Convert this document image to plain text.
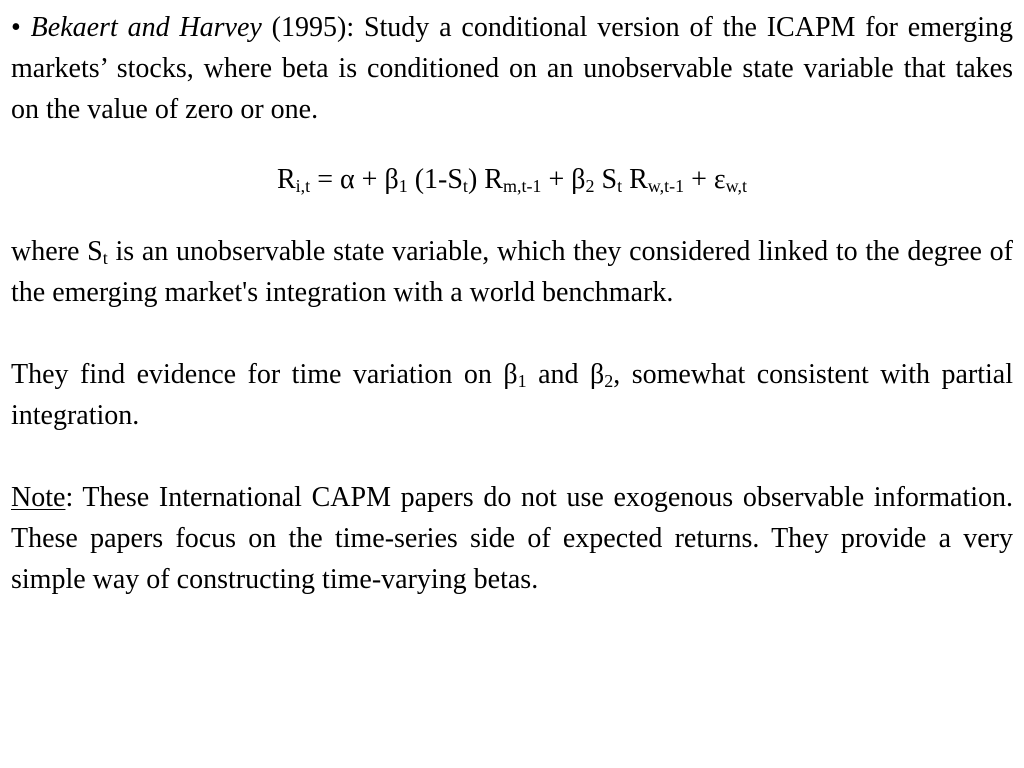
• Bekaert and Harvey (1995): Study a conditional version of the ICAPM for emerging markets’ stocks, where beta is conditioned on an unobservable state variable that takes on the value of zero or one.

$R_{i,t} = \alpha + \beta_1$ $(1-S_t) R_{m,t-1} + \beta_2$ $S_t$ $R_{w,t-1} + \varepsilon_{w,t}$

where $S_t$ is an unobservable state variable, which they considered linked to the degree of the emerging market's integration with a world benchmark.

They find evidence for time variation on $\beta_1$ and $\beta_2$, somewhat consistent with partial integration.

Note: These International CAPM papers do not use exogenous observable information. These papers focus on the time-series side of expected returns. They provide a very simple way of constructing time-varying betas.
